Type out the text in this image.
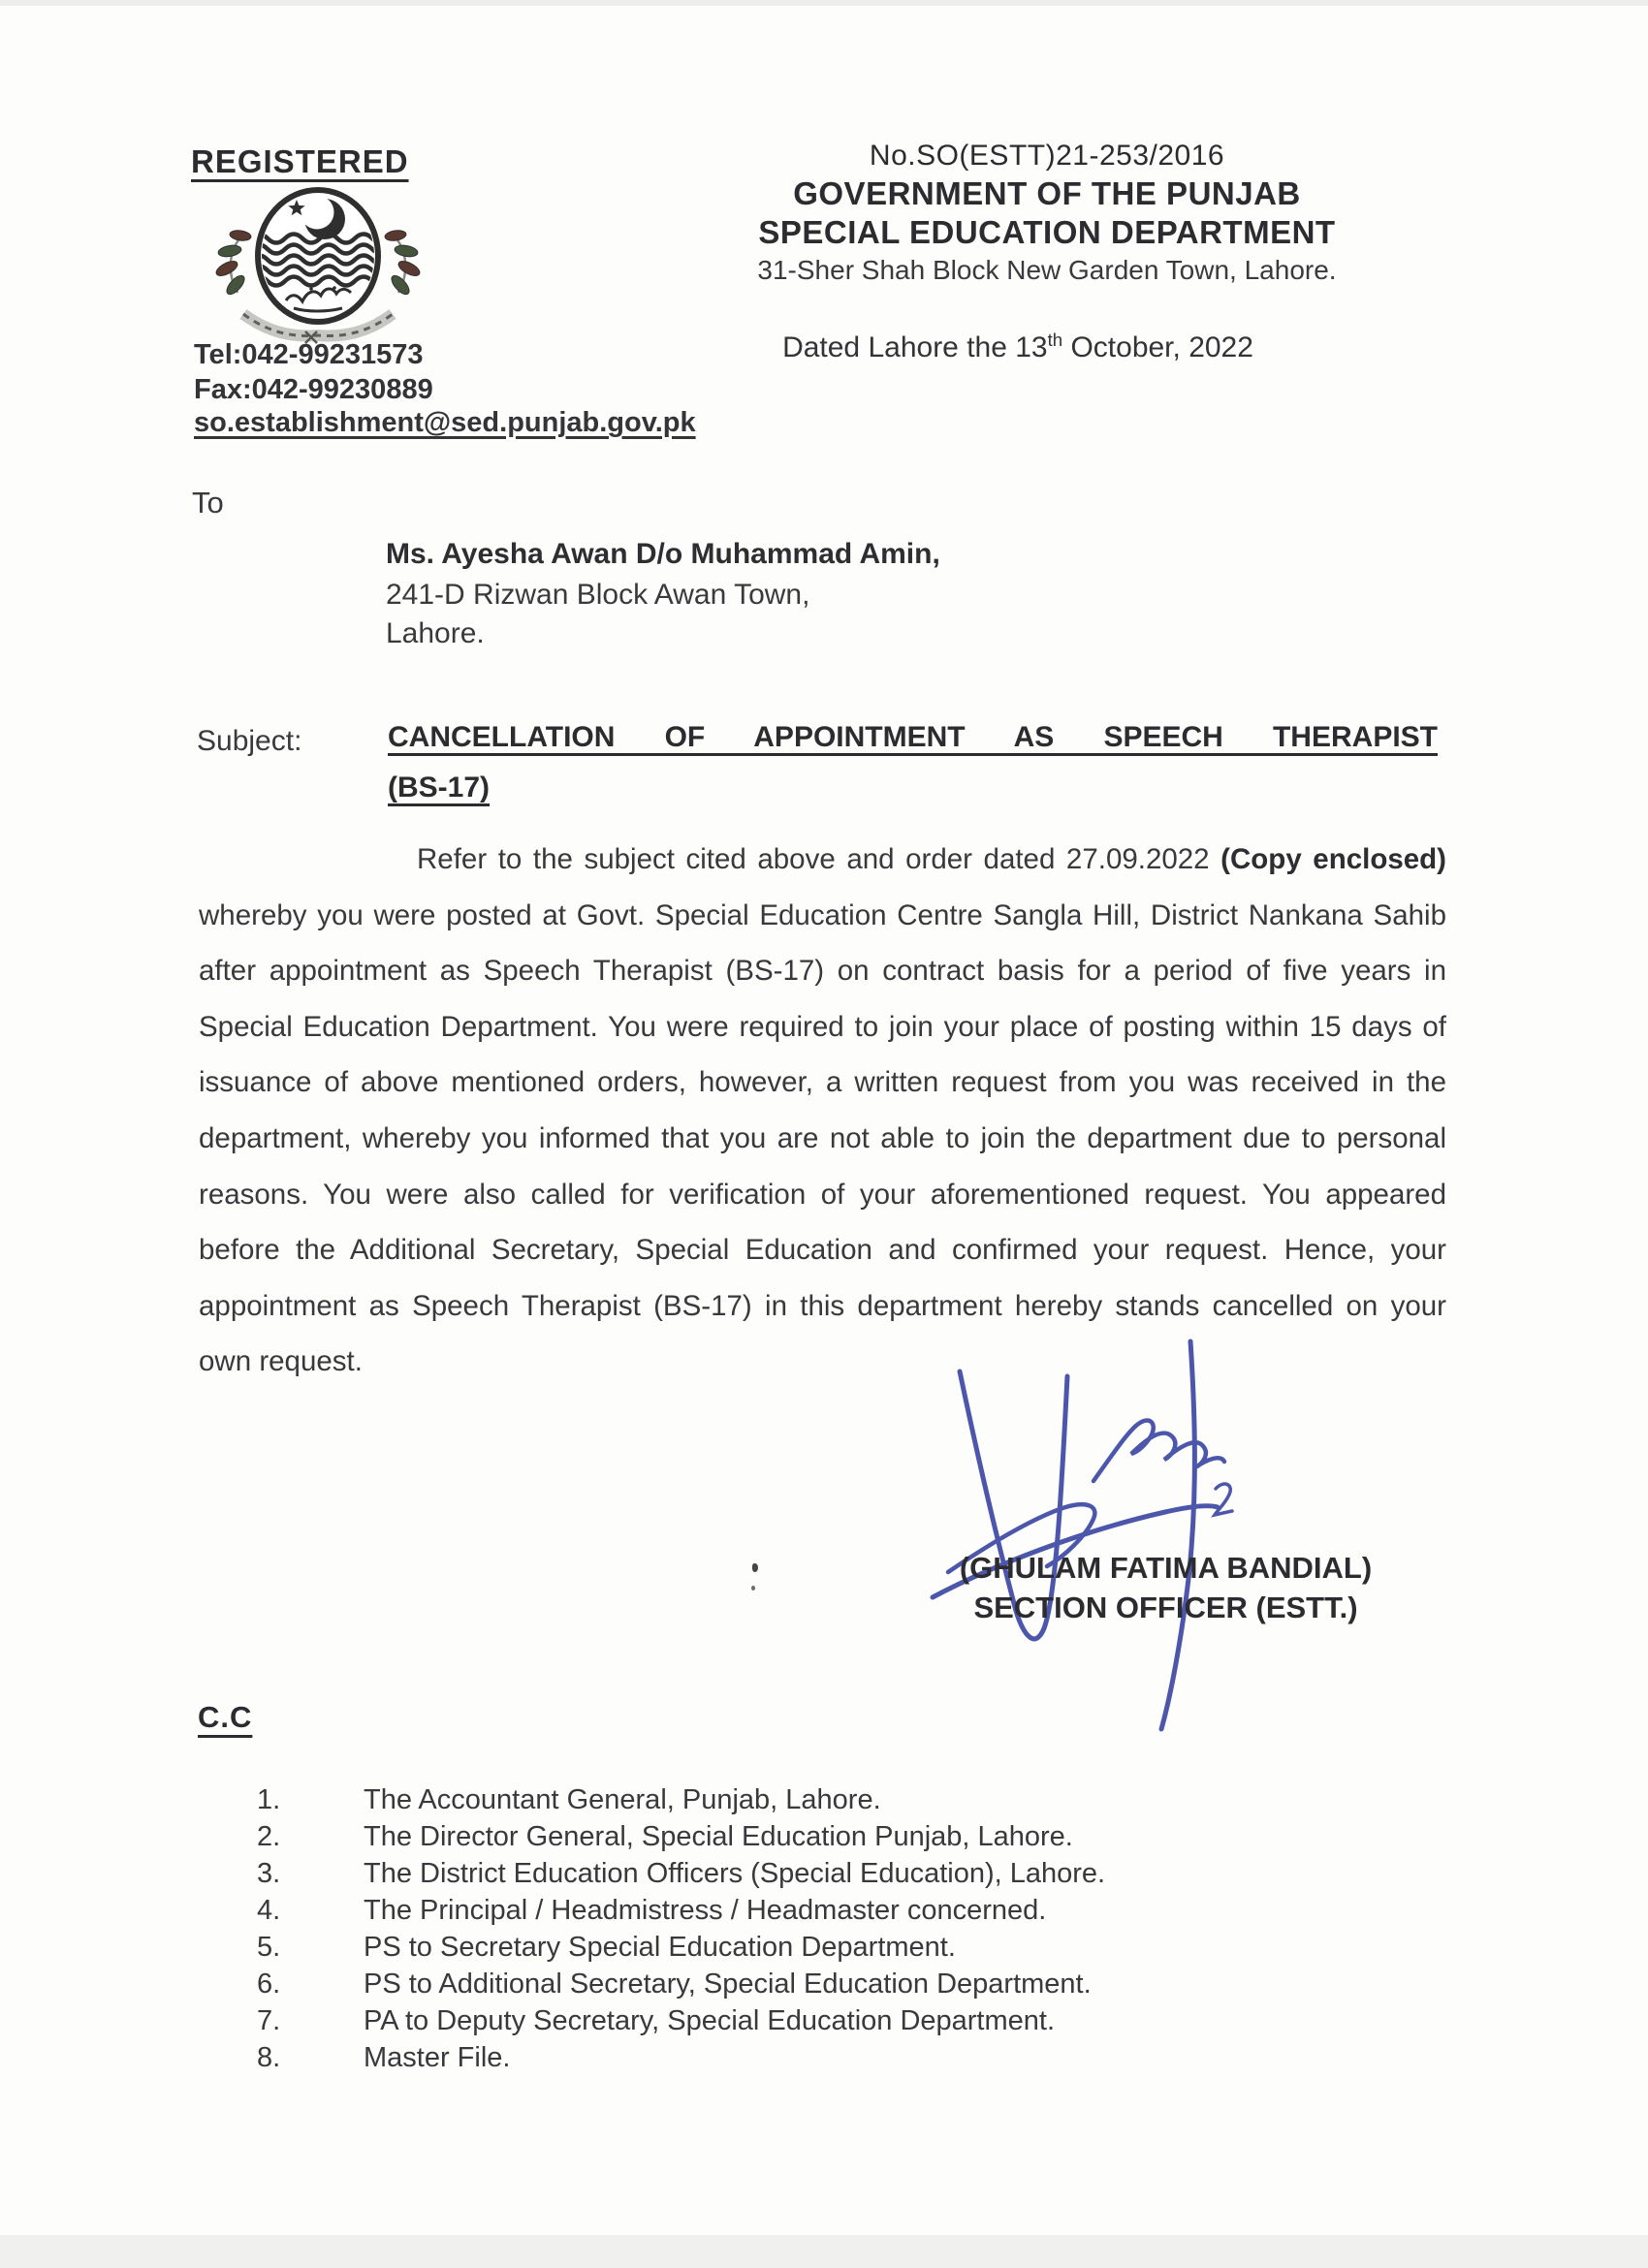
REGISTERED
Tel:042-99231573
Fax:042-99230889
so.establishment@sed.punjab.gov.pk
No.SO(ESTT)21-253/2016
GOVERNMENT OF THE PUNJAB
SPECIAL EDUCATION DEPARTMENT
31-Sher Shah Block New Garden Town, Lahore.
Dated Lahore the 13th October, 2022
To
Ms. Ayesha Awan D/o Muhammad Amin,
241-D Rizwan Block Awan Town,
Lahore.
Subject:	CANCELLATION OF APPOINTMENT AS SPEECH THERAPIST
(BS-17)
Refer to the subject cited above and order dated 27.09.2022 (Copy enclosed) whereby you were posted at Govt. Special Education Centre Sangla Hill, District Nankana Sahib after appointment as Speech Therapist (BS-17) on contract basis for a period of five years in Special Education Department. You were required to join your place of posting within 15 days of issuance of above mentioned orders, however, a written request from you was received in the department, whereby you informed that you are not able to join the department due to personal reasons. You were also called for verification of your aforementioned request. You appeared before the Additional Secretary, Special Education and confirmed your request. Hence, your appointment as Speech Therapist (BS-17) in this department hereby stands cancelled on your own request.
(GHULAM FATIMA BANDIAL)
SECTION OFFICER (ESTT.)
C.C
1.	The Accountant General, Punjab, Lahore.
2.	The Director General, Special Education Punjab, Lahore.
3.	The District Education Officers (Special Education), Lahore.
4.	The Principal / Headmistress / Headmaster concerned.
5.	PS to Secretary Special Education Department.
6.	PS to Additional Secretary, Special Education Department.
7.	PA to Deputy Secretary, Special Education Department.
8.	Master File.
